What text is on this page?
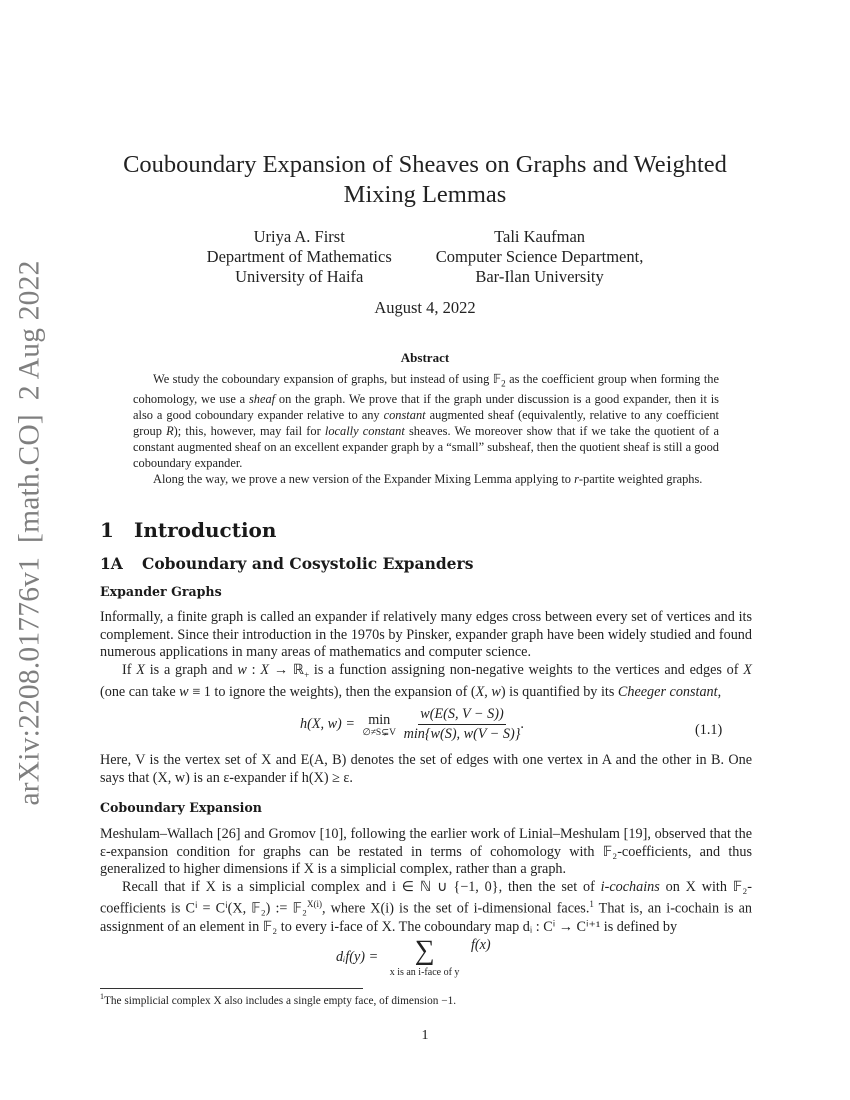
arXiv:2208.01776v1[math.CO]2 Aug 2022
Couboundary Expansion of Sheaves on Graphs and Weighted
Mixing Lemmas
Uriya A. First
Department of Mathematics
University of Haifa
Tali Kaufman
Computer Science Department,
Bar-Ilan University
August 4, 2022
Abstract

We study the coboundary expansion of graphs, but instead of using 𝔽$_2$ as the coefficient group when forming the cohomology, we use a sheaf on the graph. We prove that if the graph under discussion is a good expander, then it is also a good coboundary expander relative to any constant augmented sheaf (equivalently, relative to any coefficient group R); this, however, may fail for locally constant sheaves. We moreover show that if we take the quotient of a constant augmented sheaf on an excellent expander graph by a “small” subsheaf, then the quotient sheaf is still a good coboundary expander.

Along the way, we prove a new version of the Expander Mixing Lemma applying to r-partite weighted graphs.

1 Introduction
1A Coboundary and Cosystolic Expanders
Expander Graphs

Informally, a finite graph is called an expander if relatively many edges cross between every set of vertices and its complement. Since their introduction in the 1970s by Pinsker, expander graph have been widely studied and found numerous applications in many areas of mathematics and computer science.

If X is a graph and w : X → ℝ$_+$ is a function assigning non-negative weights to the vertices and edges of X (one can take w ≡ 1 to ignore the weights), then the expansion of (X, w) is quantified by its Cheeger constant,

h(X, w) = min
∅≠S⊊V
$\frac{w(E(S, V - S))}{\min\{w(S), w(V - S)\}}$ .	(1.1)

Here, V is the vertex set of X and E(A, B) denotes the set of edges with one vertex in A and the other in B. One says that (X, w) is an ε-expander if h(X) ≥ ε.

Coboundary Expansion

Meshulam–Wallach [26] and Gromov [10], following the earlier work of Linial–Meshulam [19], observed that the ε-expansion condition for graphs can be restated in terms of cohomology with 𝔽₂-coefficients, and thus generalized to higher dimensions if X is a simplicial complex, rather than a graph.

Recall that if X is a simplicial complex and i ∈ ℕ ∪ {−1, 0}, then the set of i-cochains on X with 𝔽₂-coefficients is Cⁱ = Cⁱ(X, 𝔽₂) := 𝔽₂$^{X(i)}$, where X(i) is the set of i-dimensional faces.$^1$ That is, an i-cochain is an assignment of an element in 𝔽₂ to every i-face of X. The coboundary map dᵢ : Cⁱ → Cⁱ⁺¹ is defined by

dᵢf(y) = ∑
x is an i-face of y
f(x)
$^1$The simplicial complex X also includes a single empty face, of dimension −1.
1
